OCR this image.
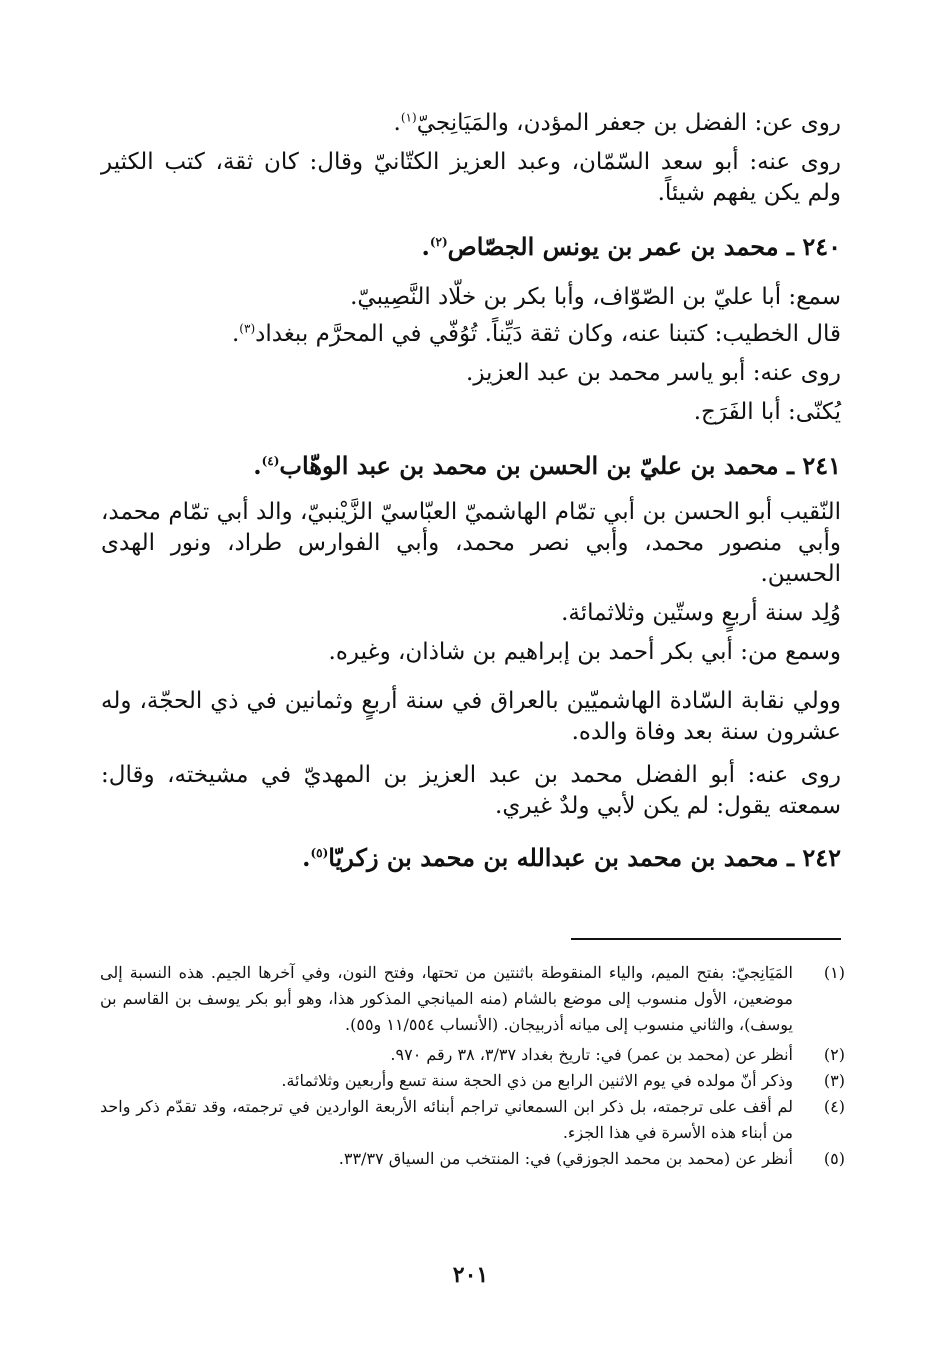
روى عن: الفضل بن جعفر المؤدن، والمَيَانِجيّ$^{(١)}$.

روى عنه: أبو سعد السّمّان، وعبد العزيز الكتّانيّ وقال: كان ثقة، كتب الكثير ولم يكن يفهم شيئاً.

٢٤٠ ـ محمد بن عمر بن يونس الجصّاص$^{(٢)}$.

سمع: أبا عليّ بن الصّوّاف، وأبا بكر بن خلّاد النَّصِيبيّ.

قال الخطيب: كتبنا عنه، وكان ثقة دَيِّناً. تُوُفّي في المحرَّم ببغداد$^{(٣)}$.

روى عنه: أبو ياسر محمد بن عبد العزيز.

يُكنّى: أبا الفَرَج.

٢٤١ ـ محمد بن عليّ بن الحسن بن محمد بن عبد الوهّاب$^{(٤)}$.

النّقيب أبو الحسن بن أبي تمّام الهاشميّ العبّاسيّ الزَّيْنبيّ، والد أبي تمّام محمد، وأبي منصور محمد، وأبي نصر محمد، وأبي الفوارس طراد، ونور الهدى الحسين.

وُلِد سنة أربعٍ وستّين وثلاثمائة.

وسمع من: أبي بكر أحمد بن إبراهيم بن شاذان، وغيره.

وولي نقابة السّادة الهاشميّين بالعراق في سنة أربعٍ وثمانين في ذي الحجّة، وله عشرون سنة بعد وفاة والده.

روى عنه: أبو الفضل محمد بن عبد العزيز بن المهديّ في مشيخته، وقال: سمعته يقول: لم يكن لأبي ولدٌ غيري.

٢٤٢ ـ محمد بن محمد بن عبدالله بن محمد بن زكريّا$^{(٥)}$.

(١)
المَيَانِجيّ: بفتح الميم، والياء المنقوطة باثنتين من تحتها، وفتح النون، وفي آخرها الجيم. هذه النسبة إلى موضعين، الأول منسوب إلى موضع بالشام (منه الميانجي المذكور هذا، وهو أبو بكر يوسف بن القاسم بن يوسف)، والثاني منسوب إلى ميانه أذربيجان. (الأنساب ١١/٥٥٤ و٥٥).

(٢)
أنظر عن (محمد بن عمر) في: تاريخ بغداد ٣/٣٧، ٣٨ رقم ٩٧٠.

(٣)
وذكر أنّ مولده في يوم الاثنين الرابع من ذي الحجة سنة تسع وأربعين وثلاثمائة.

(٤)
لم أقف على ترجمته، بل ذكر ابن السمعاني تراجم أبنائه الأربعة الواردين في ترجمته، وقد تقدّم ذكر واحد من أبناء هذه الأسرة في هذا الجزء.

(٥)
أنظر عن (محمد بن محمد الجوزقي) في: المنتخب من السياق ٣٣/٣٧.

٢٠١
